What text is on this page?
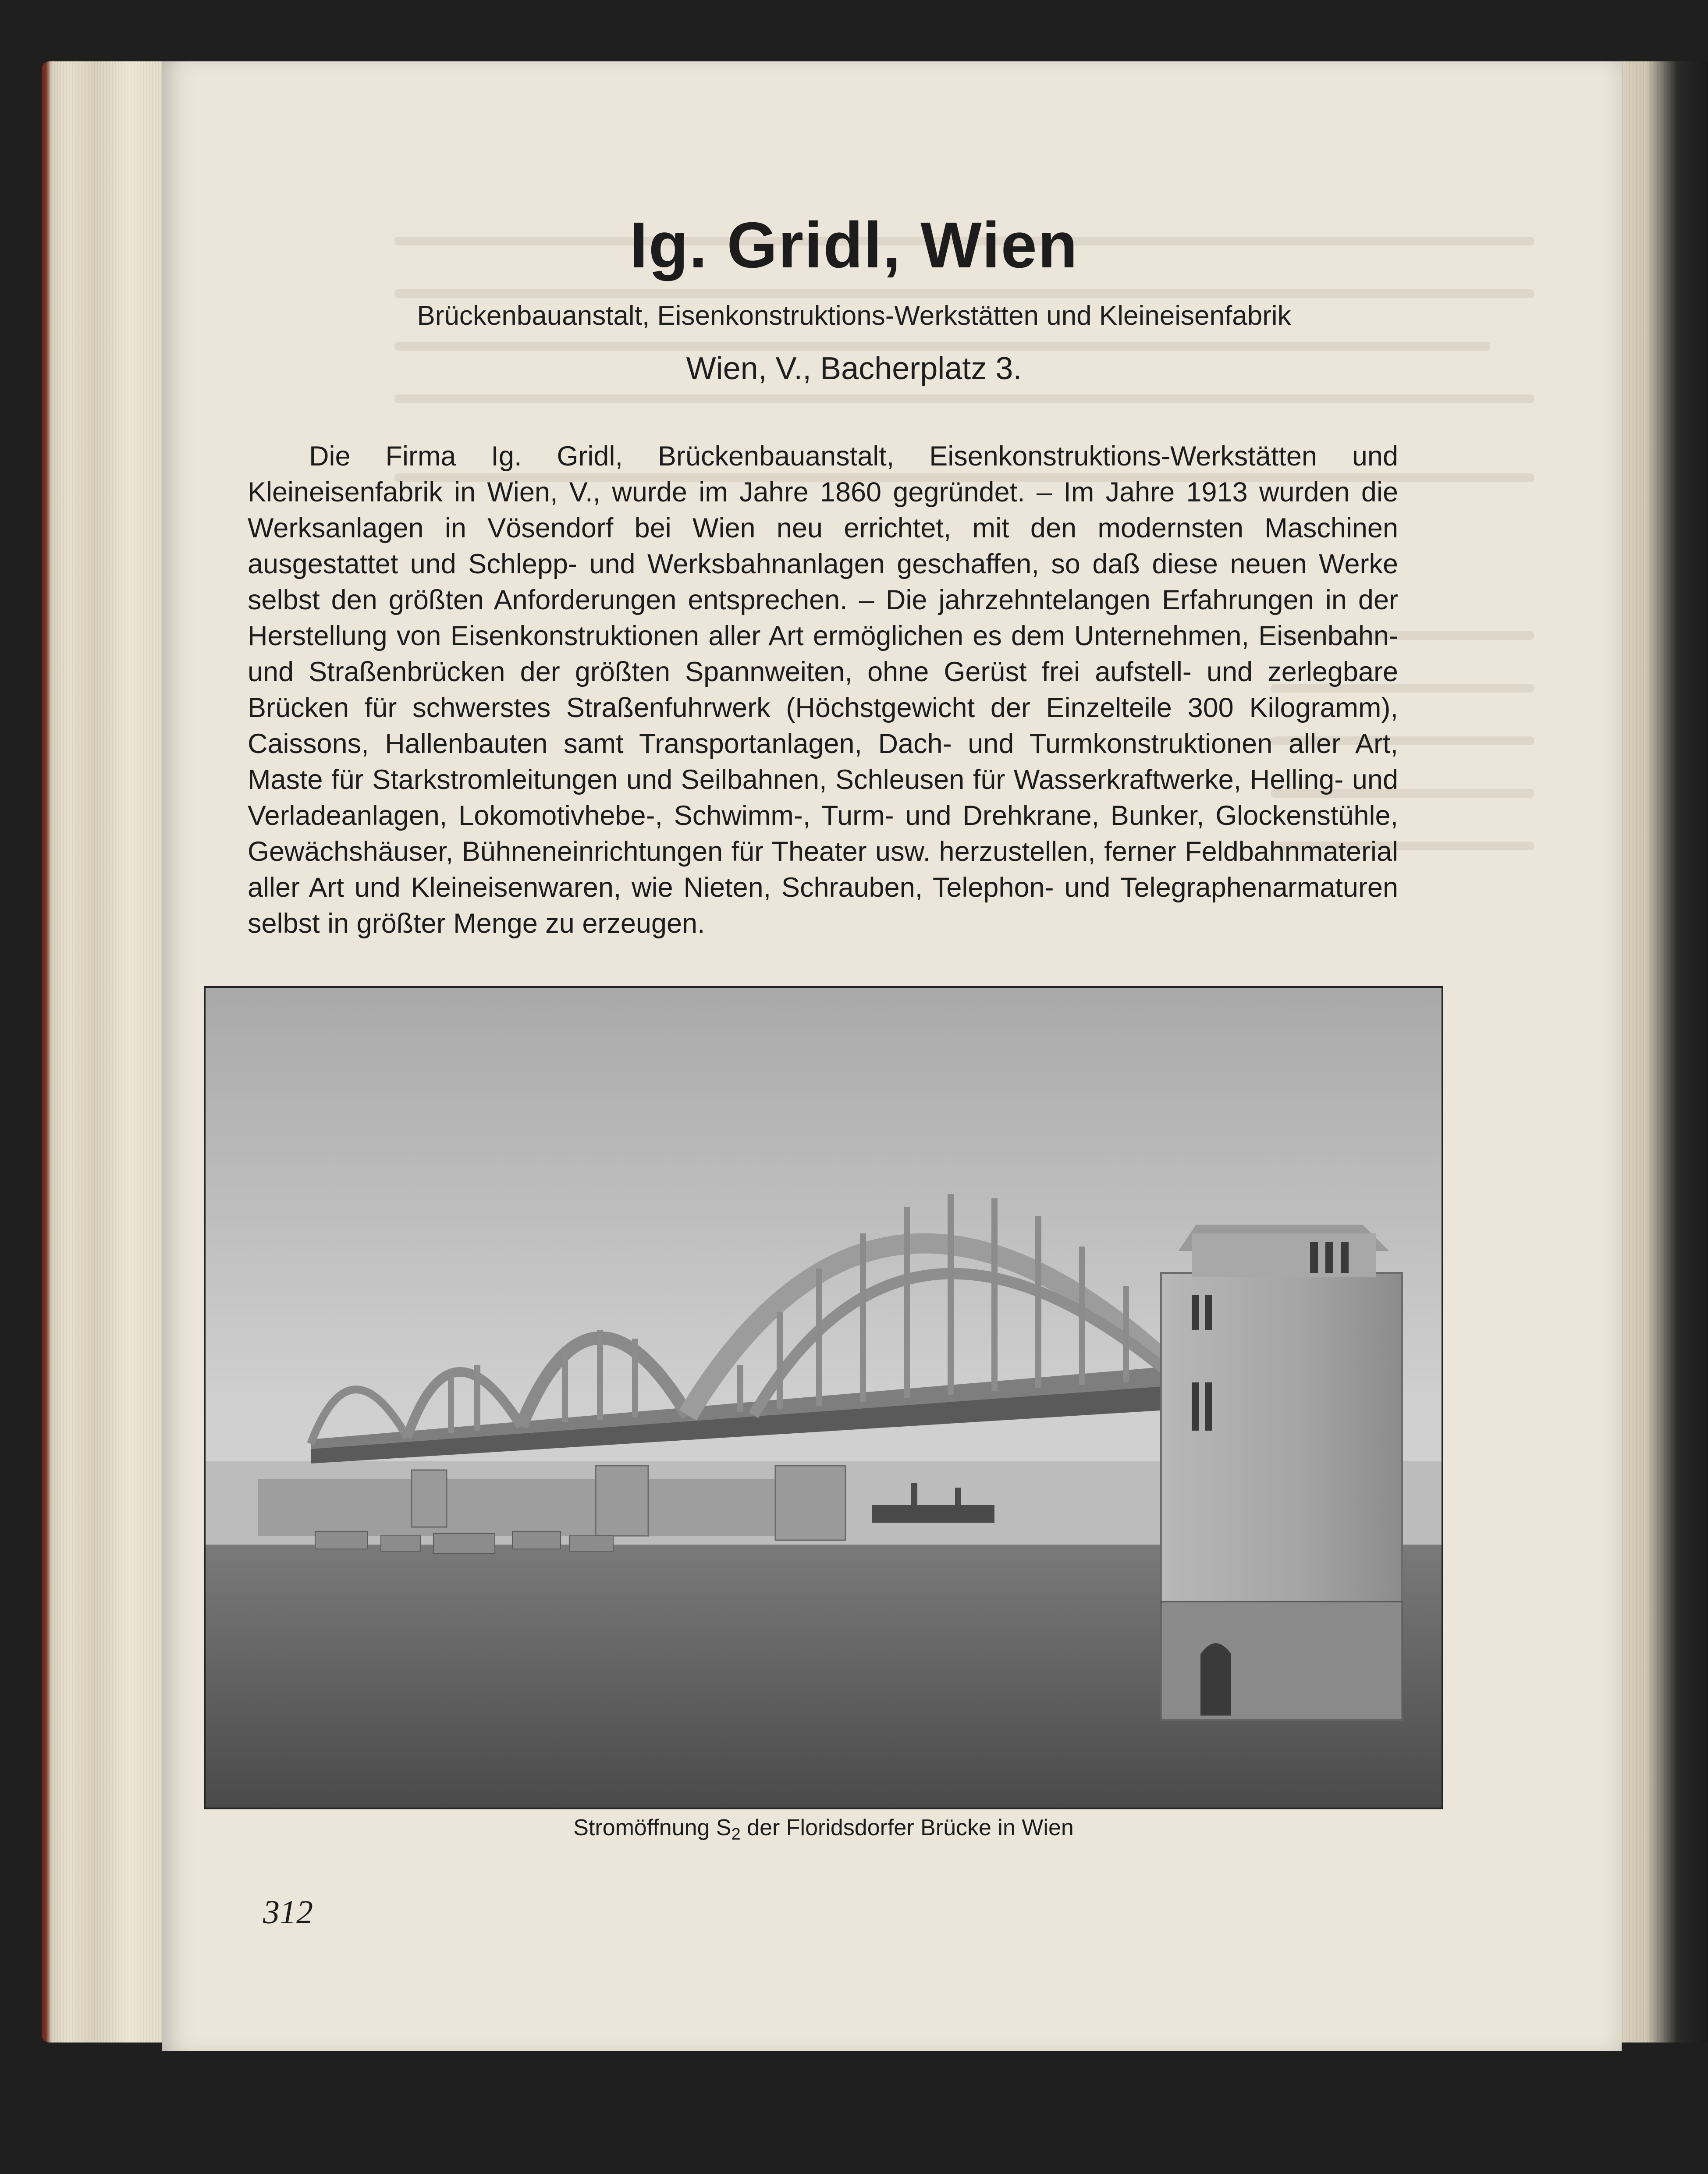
Ig. Gridl, Wien
Brückenbauanstalt, Eisenkonstruktions-Werkstätten und Kleineisenfabrik
Wien, V., Bacherplatz 3.

Die Firma Ig. Gridl, Brückenbauanstalt, Eisenkonstruktions-Werkstätten und Kleineisenfabrik in Wien, V., wurde im Jahre 1860 gegründet. – Im Jahre 1913 wurden die Werksanlagen in Vösendorf bei Wien neu errichtet, mit den modernsten Maschinen ausgestattet und Schlepp- und Werksbahnanlagen geschaffen, so daß diese neuen Werke selbst den größten Anforderungen entsprechen. – Die jahrzehntelangen Erfahrungen in der Herstellung von Eisenkonstruktionen aller Art ermöglichen es dem Unternehmen, Eisenbahn- und Straßenbrücken der größten Spannweiten, ohne Gerüst frei aufstell- und zerlegbare Brücken für schwerstes Straßenfuhrwerk (Höchstgewicht der Einzelteile 300 Kilogramm), Caissons, Hallenbauten samt Transportanlagen, Dach- und Turmkonstruktionen aller Art, Maste für Starkstromleitungen und Seilbahnen, Schleusen für Wasserkraftwerke, Helling- und Verladeanlagen, Lokomotivhebe-, Schwimm-, Turm- und Drehkrane, Bunker, Glockenstühle, Gewächshäuser, Bühneneinrichtungen für Theater usw. herzustellen, ferner Feldbahnmaterial aller Art und Kleineisenwaren, wie Nieten, Schrauben, Telephon- und Telegraphenarmaturen selbst in größter Menge zu erzeugen.

Stromöffnung $S_2$ der Floridsdorfer Brücke in Wien
312
